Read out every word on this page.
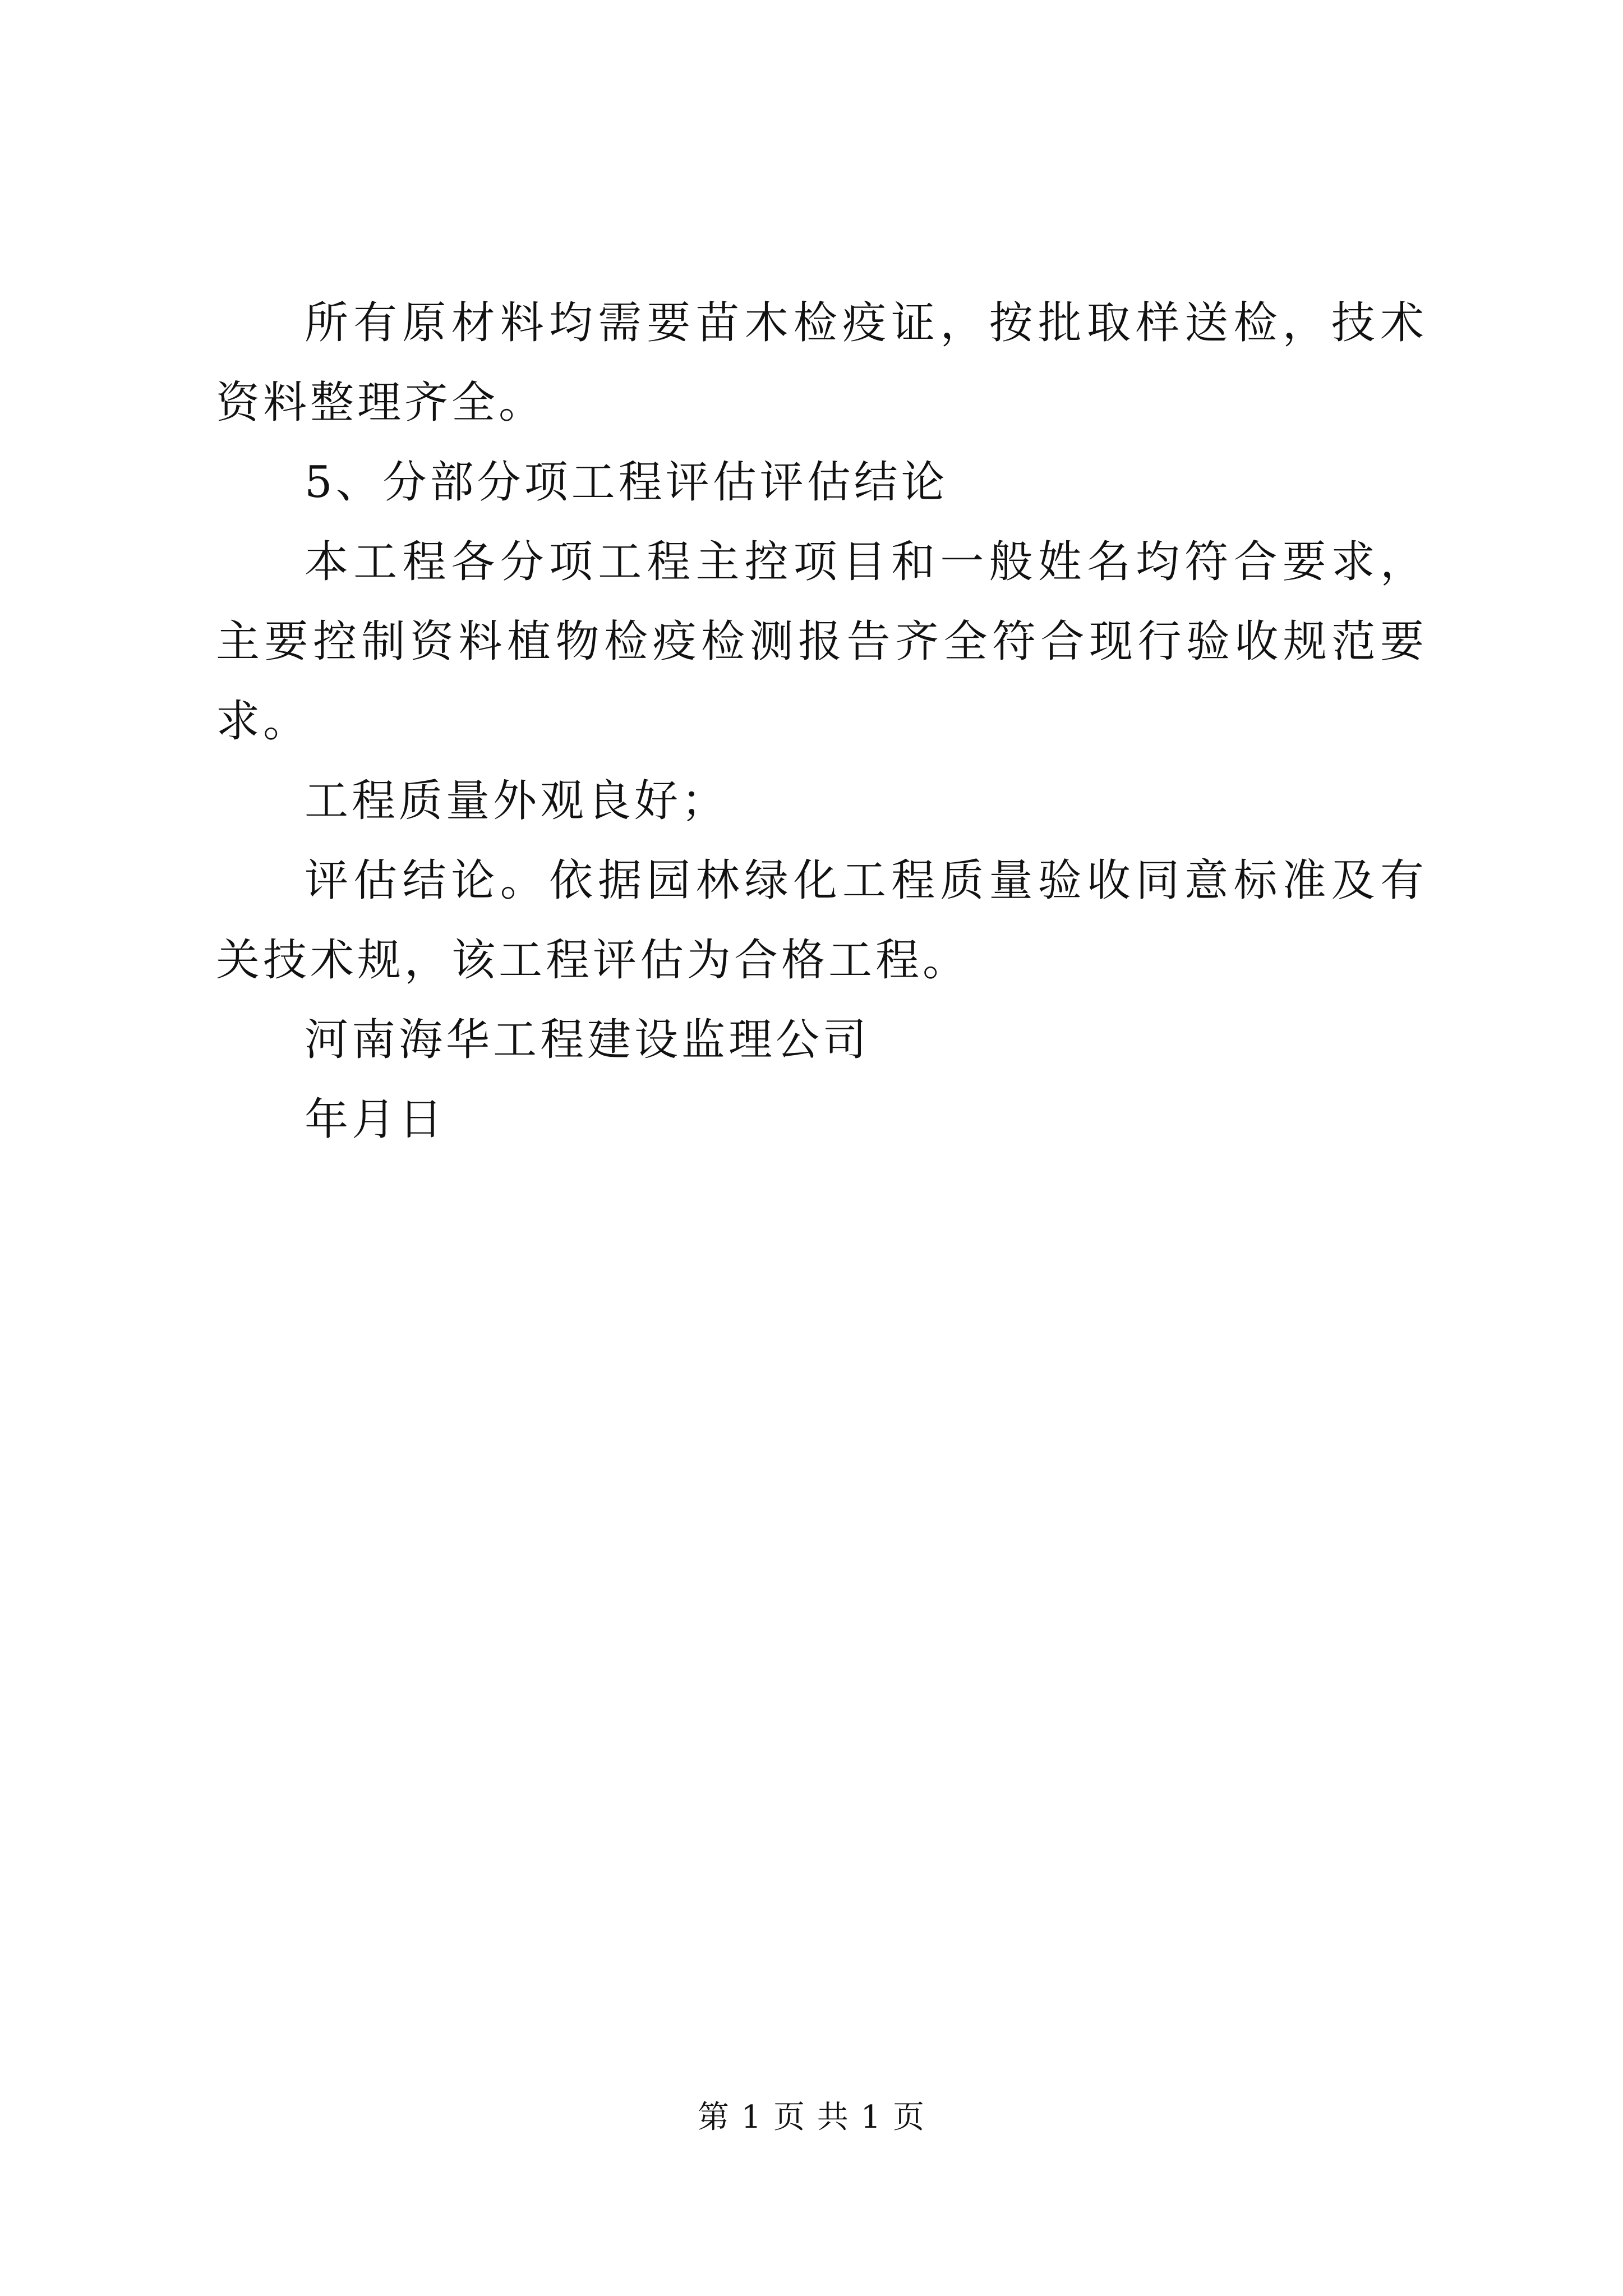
所有原材料均需要苗木检疫证，按批取样送检，技术资料整理齐全。

5、分部分项工程评估评估结论

本工程各分项工程主控项目和一般姓名均符合要求，主要控制资料植物检疫检测报告齐全符合现行验收规范要求。

工程质量外观良好；

评估结论。依据园林绿化工程质量验收同意标准及有关技术规，该工程评估为合格工程。

河南海华工程建设监理公司

年月日

第 1 页 共 1 页
